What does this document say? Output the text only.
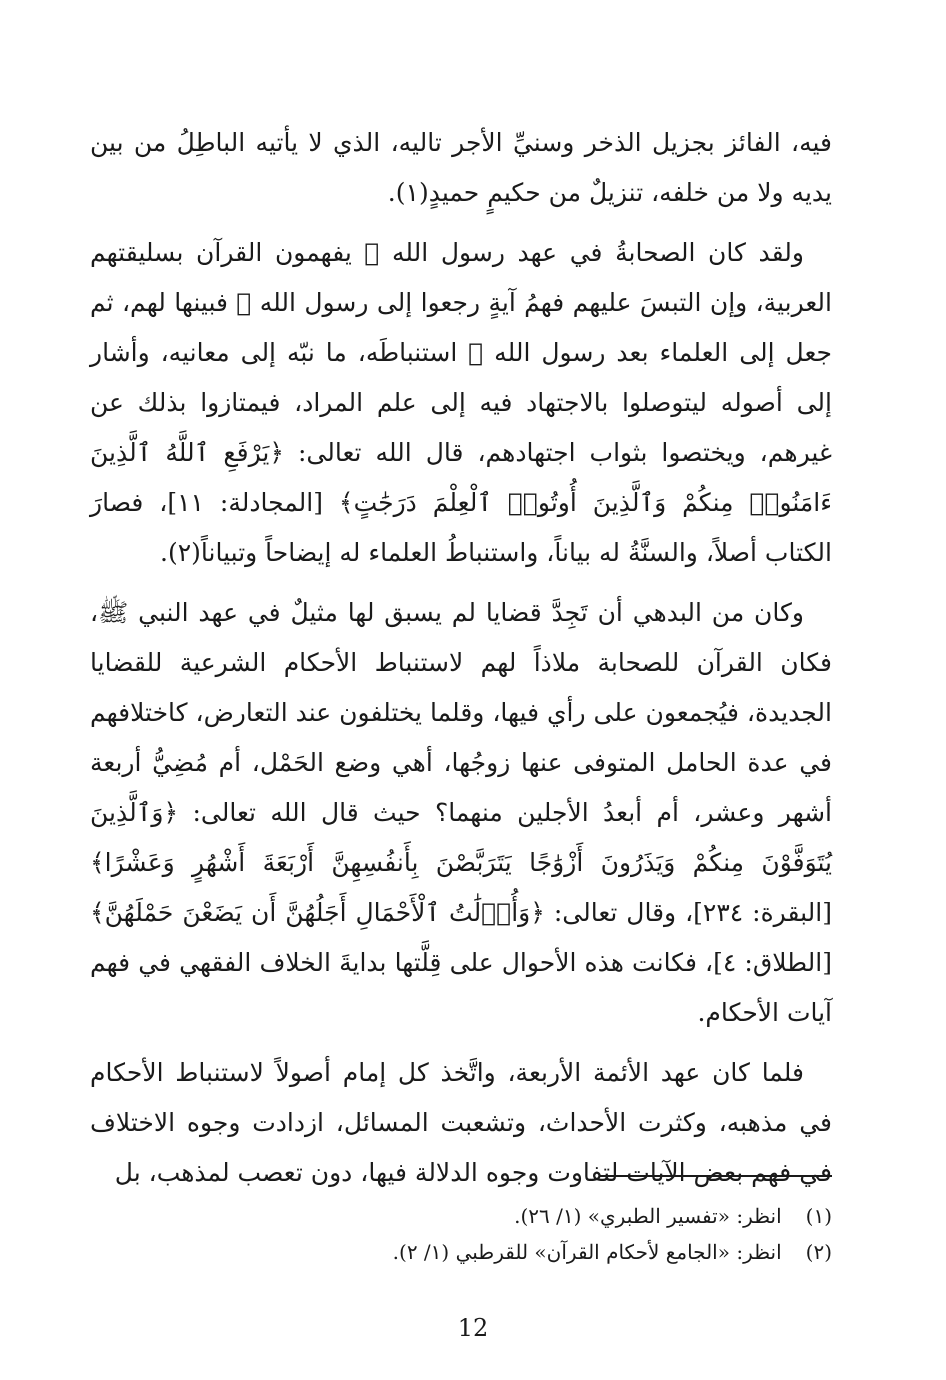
فيه، الفائز بجزيل الذخر وسنيِّ الأجر تاليه، الذي لا يأتيه الباطِلُ من بين يديه ولا من خلفه، تنزيلٌ من حكيمٍ حميدٍ(١).

ولقد كان الصحابةُ في عهد رسول الله ﷺ يفهمون القرآن بسليقتهم العربية، وإن التبسَ عليهم فهمُ آيةٍ رجعوا إلى رسول الله ﷺ فبينها لهم، ثم جعل إلى العلماء بعد رسول الله ﷺ استنباطَه، ما نبّه إلى معانيه، وأشار إلى أصوله ليتوصلوا بالاجتهاد فيه إلى علم المراد، فيمتازوا بذلك عن غيرهم، ويختصوا بثواب اجتهادهم، قال الله تعالى: ﴿يَرْفَعِ ٱللَّهُ ٱلَّذِينَ ءَامَنُوا۟ مِنكُمْ وَٱلَّذِينَ أُوتُوا۟ ٱلْعِلْمَ دَرَجَٰتٍ﴾ [المجادلة: ١١]، فصارَ الكتاب أصلاً، والسنَّةُ له بياناً، واستنباطُ العلماء له إيضاحاً وتبياناً(٢).

وكان من البدهي أن تَجِدَّ قضايا لم يسبق لها مثيلٌ في عهد النبي ﷺ، فكان القرآن للصحابة ملاذاً لهم لاستنباط الأحكام الشرعية للقضايا الجديدة، فيُجمعون على رأي فيها، وقلما يختلفون عند التعارض، كاختلافهم في عدة الحامل المتوفى عنها زوجُها، أهي وضع الحَمْل، أم مُضِيُّ أربعة أشهر وعشر، أم أبعدُ الأجلين منهما؟ حيث قال الله تعالى: ﴿وَٱلَّذِينَ يُتَوَفَّوْنَ مِنكُمْ وَيَذَرُونَ أَزْوَٰجًا يَتَرَبَّصْنَ بِأَنفُسِهِنَّ أَرْبَعَةَ أَشْهُرٍ وَعَشْرًا﴾ [البقرة: ٢٣٤]، وقال تعالى: ﴿وَأُو۟لَٰتُ ٱلْأَحْمَالِ أَجَلُهُنَّ أَن يَضَعْنَ حَمْلَهُنَّ﴾ [الطلاق: ٤]، فكانت هذه الأحوال على قِلَّتها بدايةَ الخلاف الفقهي في فهم آيات الأحكام.

فلما كان عهد الأئمة الأربعة، واتَّخذ كل إمام أصولاً لاستنباط الأحكام في مذهبه، وكثرت الأحداث، وتشعبت المسائل، ازدادت وجوه الاختلاف في فهم بعض الآيات لتفاوت وجوه الدلالة فيها، دون تعصب لمذهب، بل

(١) انظر: «تفسير الطبري» (١/ ٢٦).

(٢) انظر: «الجامع لأحكام القرآن» للقرطبي (١/ ٢).

12
